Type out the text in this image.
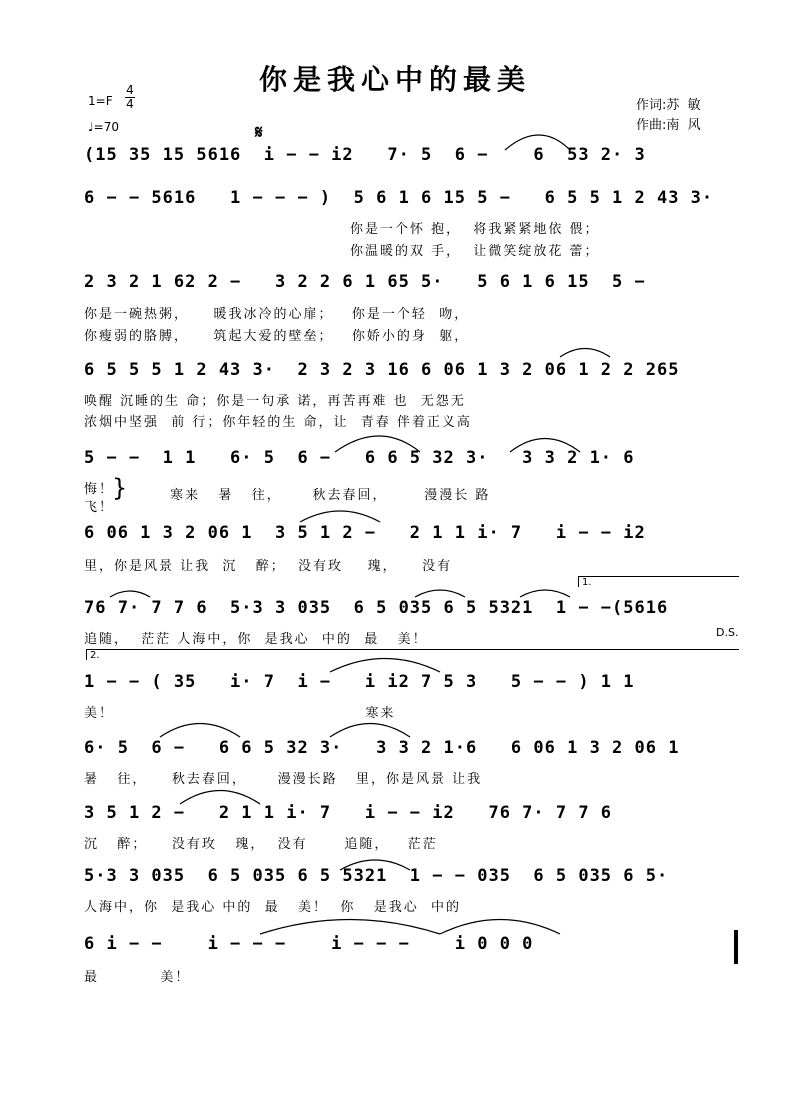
你是我心中的最美
1=F
4
4
♩=70
作词:苏  敏
作曲:南  风
𝄋
(15 35 15 5616  i − − i2   7· 5  6 −    6  53 2· 3
6 − − 5616   1 − − − )  5 6 1 6 15 5 −   6 5 5 1 2 43 3·
你是一个怀 抱，  将我紧紧地依 偎；
你温暖的双 手，  让微笑绽放花 蕾；
2 3 2 1 62 2 −   3 2 2 6 1 65 5·   5 6 1 6 15  5 −
你是一碗热粥，    暖我冰冷的心扉；   你是一个轻  吻，
你瘦弱的胳膊，    筑起大爱的壁垒；   你娇小的身  躯，
6 5 5 5 1 2 43 3·  2 3 2 3 16 6 06 1 3 2 06 1 2 2 265
唤醒 沉睡的生 命；你是一句承 诺，再苦再难 也  无怨无
浓烟中坚强  前 行；你年轻的生 命，让  青春 伴着正义高
5 − −  1 1   6· 5  6 −   6 6 5 32 3·   3 3 2 1· 6
悔！
飞！
}	寒来   暑   往，     秋去春回，      漫漫长 路
6 06 1 3 2 06 1  3 5 1 2 −   2 1 1 i· 7   i − − i2
里，你是风景 让我  沉   醉；  没有玫    瑰，    没有
1.
76 7· 7 7 6  5·3 3 035  6 5 035 6 5 5321  1 − −(5616
追随，  茫茫 人海中，你  是我心  中的  最   美！	D.S.
2.
1 − − ( 35   i· 7  i −   i i2 7 5 3   5 − − ) 1 1
美！                                         寒来
6· 5  6 −   6 6 5 32 3·   3 3 2 1·6   6 06 1 3 2 06 1
暑   往，    秋去春回，     漫漫长路   里，你是风景 让我
3 5 1 2 −   2 1 1 i· 7   i − − i2   76 7· 7 7 6
沉   醉；    没有玫   瑰，  没有      追随，   茫茫
5·3 3 035  6 5 035 6 5 5321  1 − − 035  6 5 035 6 5·
人海中，你  是我心 中的  最   美！  你   是我心  中的
6 i − −    i − − −    i − − −    i 0 0 0
最          美！
